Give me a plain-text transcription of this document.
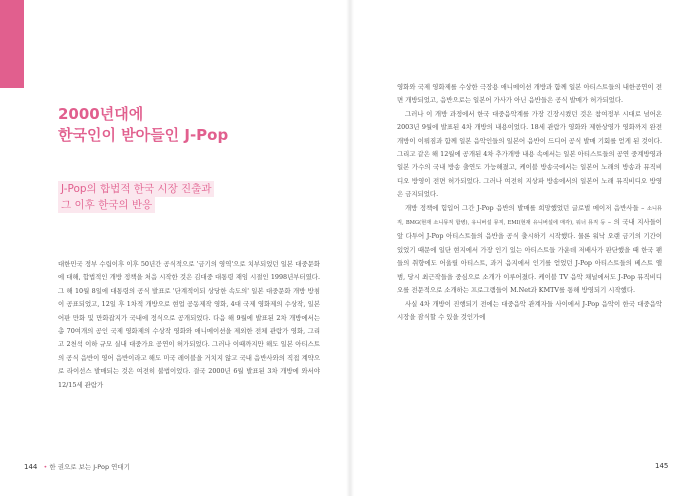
2000년대에
한국인이 받아들인 J-Pop
J-Pop의 합법적 한국 시장 진출과
그 이후 한국의 반응

대한민국 정부 수립이후 이후 50년간 공식적으로 '금기의 영역'으로 치부되었던 일본 대중문화에 대해, 합법적인 개방 정책을 처음 시작한 것은 김대중 대통령 재임 시절인 1998년부터였다. 그 해 10월 8일에 대통령의 공식 발표로 '단계적이되 상당한 속도의' 일본 대중문화 개방 방침이 공표되었고, 12일 후 1차적 개방으로 현업 공동제작 영화, 4대 국제 영화제의 수상작, 일본어판 만화 및 만화잡지가 국내에 정식으로 공개되었다. 다음 해 9월에 발표된 2차 개방에서는 총 70여개의 공인 국제 영화제의 수상작 영화와 애니메이션을 제외한 전체 관람가 영화, 그리고 2천석 이하 규모 실내 대중가요 공연이 허가되었다. 그러나 이때까지만 해도 일본 아티스트의 공식 음반이 영어 음반이라고 해도 미국 레이블을 거치지 않고 국내 음반사와의 직접 계약으로 라이선스 발매되는 것은 여전히 불법이었다. 결국 2000년 6월 발표된 3차 개방에 와서야 12/15세 관람가

144 • 한 권으로 보는 J-Pop 연대기

영화와 국제 영화제를 수상한 극장용 애니메이션 개방과 함께 일본 아티스트들의 내한공연이 전면 개방되었고, 음반으로는 일본어 가사가 아닌 음반들은 공식 발매가 허가되었다.

그러나 이 개방 과정에서 한국 대중음악계를 가장 긴장시켰던 것은 참여정부 시대로 넘어온 2003년 9월에 발표된 4차 개방의 내용이었다. 18세 관람가 영화와 제한상영가 영화까지 완전 개방이 이뤄짐과 함께 일본 음악인들의 일본어 음반이 드디어 공식 발매 기회를 얻게 된 것이다. 그리고 같은 해 12월에 공개된 4차 추가개방 내용 속에서는 일본 아티스트들의 공연 중계방영과 일본 가수의 국내 방송 출연도 가능해졌고, 케이블 방송국에서는 일본어 노래의 방송과 뮤직비디오 방영이 전면 허가되었다. 그러나 여전히 지상파 방송에서의 일본어 노래 뮤직비디오 방영은 금지되었다.

개방 정책에 힘입어 그간 J-Pop 음반의 발매를 희망했었던 글로벌 메이저 음반사들 – 소니뮤직, BMG(현재 소니뮤직 합병), 유니버설 뮤직, EMI(현재 유니버설에 매각), 워너 뮤직 등 – 의 국내 지사들이 앞 다투어 J-Pop 아티스트들의 음반을 공식 출시하기 시작했다. 물론 워낙 오랜 금기의 기간이 있었기 때문에 일단 현지에서 가장 인기 있는 아티스트들 가운데 저배사가 판단했을 때 한국 팬들의 취향에도 어울릴 아티스트, 과거 음지에서 인기를 얻었던 J-Pop 아티스트들의 베스트 앨범, 당시 최근작들을 중심으로 소개가 이루어졌다. 케이블 TV 음악 채널에서도 J-Pop 뮤직비디오를 전문적으로 소개하는 프로그램들이 M.Net과 KMTV를 통해 방영되기 시작했다.

사실 4차 개방이 진행되기 전에는 대중음악 관계자들 사이에서 J-Pop 음악이 한국 대중음악 시장을 잠식할 수 있을 것인가에

145
